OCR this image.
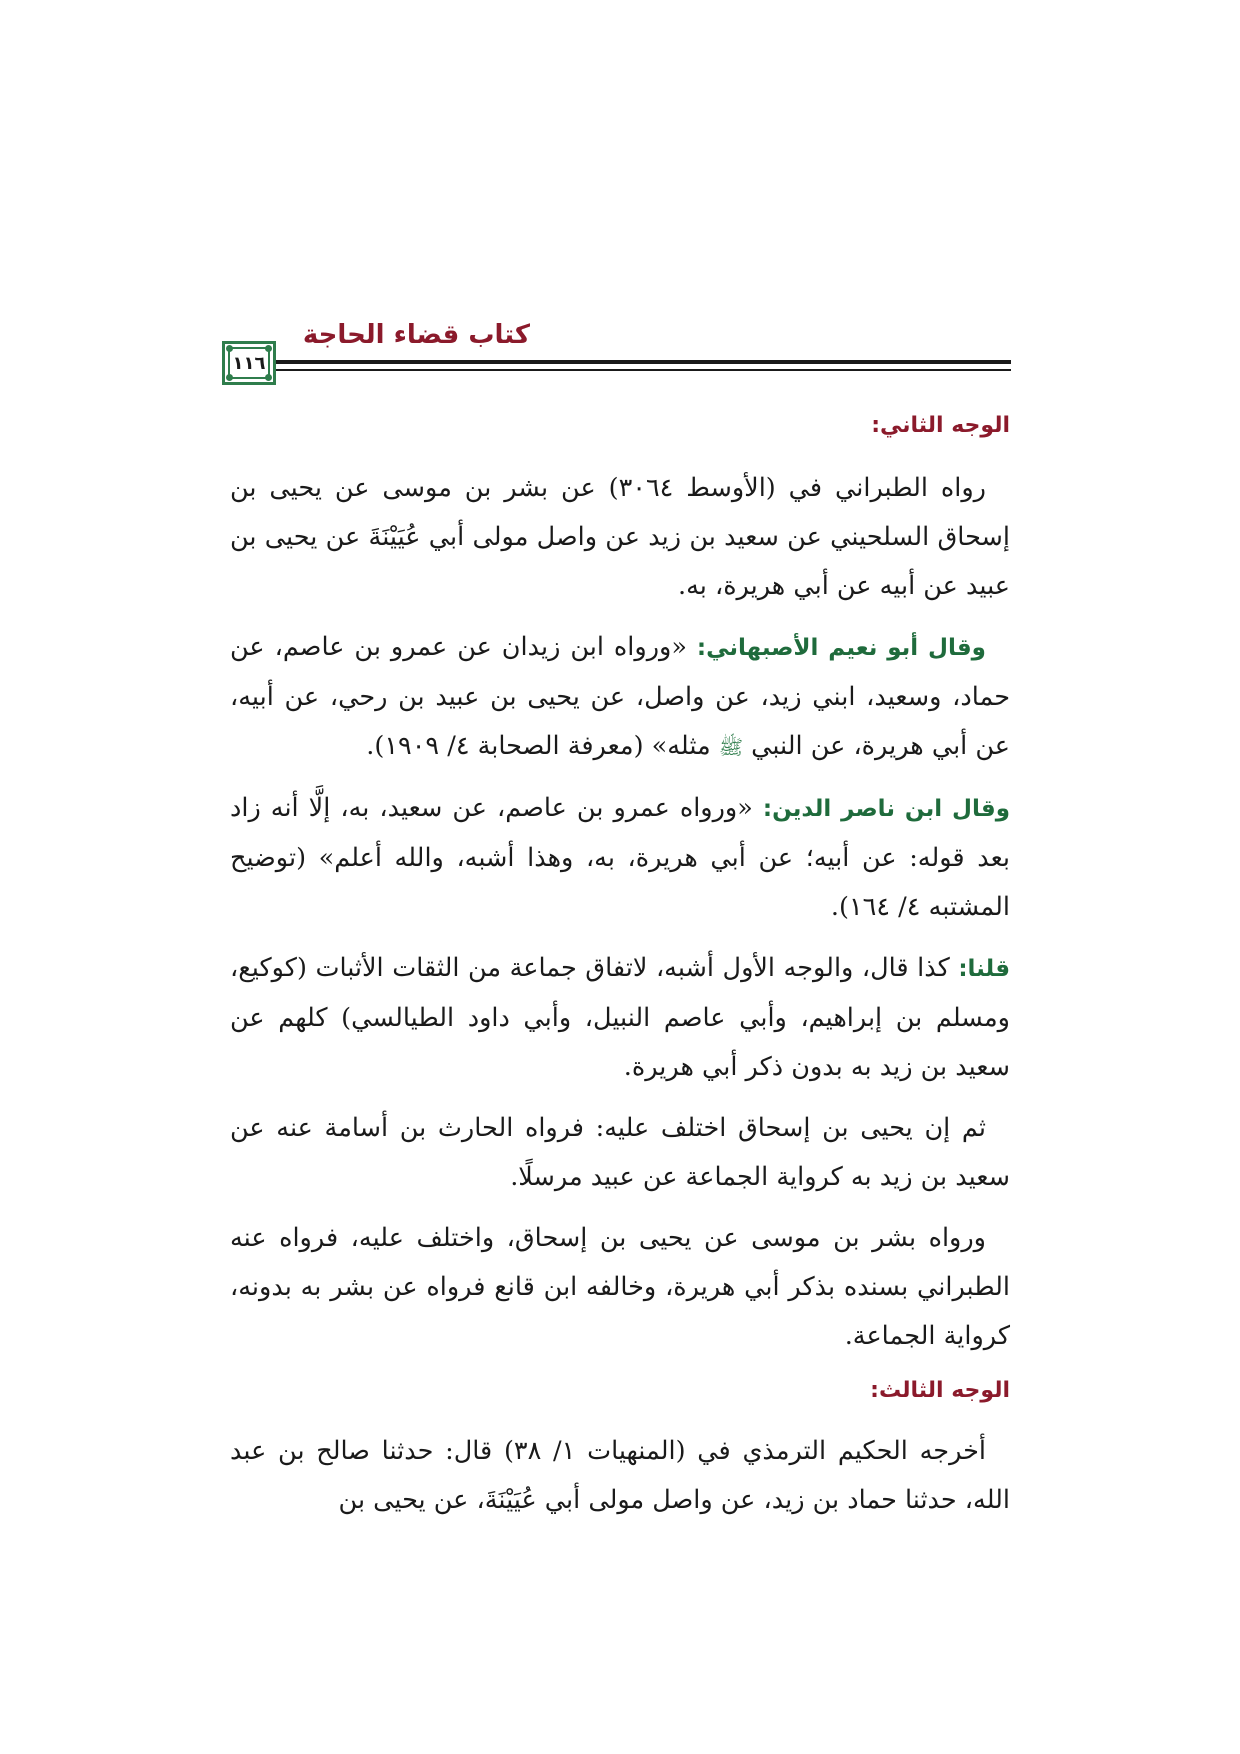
كتاب قضاء الحاجة
١١٦
الوجه الثاني:

رواه الطبراني في (الأوسط ٣٠٦٤) عن بشر بن موسى عن يحيى بن إسحاق السلحيني عن سعيد بن زيد عن واصل مولى أبي عُيَيْنَةَ عن يحيى بن عبيد عن أبيه عن أبي هريرة، به.

وقال أبو نعيم الأصبهاني: «ورواه ابن زيدان عن عمرو بن عاصم، عن حماد، وسعيد، ابني زيد، عن واصل، عن يحيى بن عبيد بن رحي، عن أبيه، عن أبي هريرة، عن النبي ﷺ مثله» (معرفة الصحابة ٤/ ١٩٠٩).

وقال ابن ناصر الدين: «ورواه عمرو بن عاصم، عن سعيد، به، إلَّا أنه زاد بعد قوله: عن أبيه؛ عن أبي هريرة، به، وهذا أشبه، والله أعلم» (توضيح المشتبه ٤/ ١٦٤).

قلنا: كذا قال، والوجه الأول أشبه، لاتفاق جماعة من الثقات الأثبات (كوكيع، ومسلم بن إبراهيم، وأبي عاصم النبيل، وأبي داود الطيالسي) كلهم عن سعيد بن زيد به بدون ذكر أبي هريرة.

ثم إن يحيى بن إسحاق اختلف عليه: فرواه الحارث بن أسامة عنه عن سعيد بن زيد به كرواية الجماعة عن عبيد مرسلًا.

ورواه بشر بن موسى عن يحيى بن إسحاق، واختلف عليه، فرواه عنه الطبراني بسنده بذكر أبي هريرة، وخالفه ابن قانع فرواه عن بشر به بدونه، كرواية الجماعة.

الوجه الثالث:

أخرجه الحكيم الترمذي في (المنهيات ١/ ٣٨) قال: حدثنا صالح بن عبد الله، حدثنا حماد بن زيد، عن واصل مولى أبي عُيَيْنَةَ، عن يحيى بن
